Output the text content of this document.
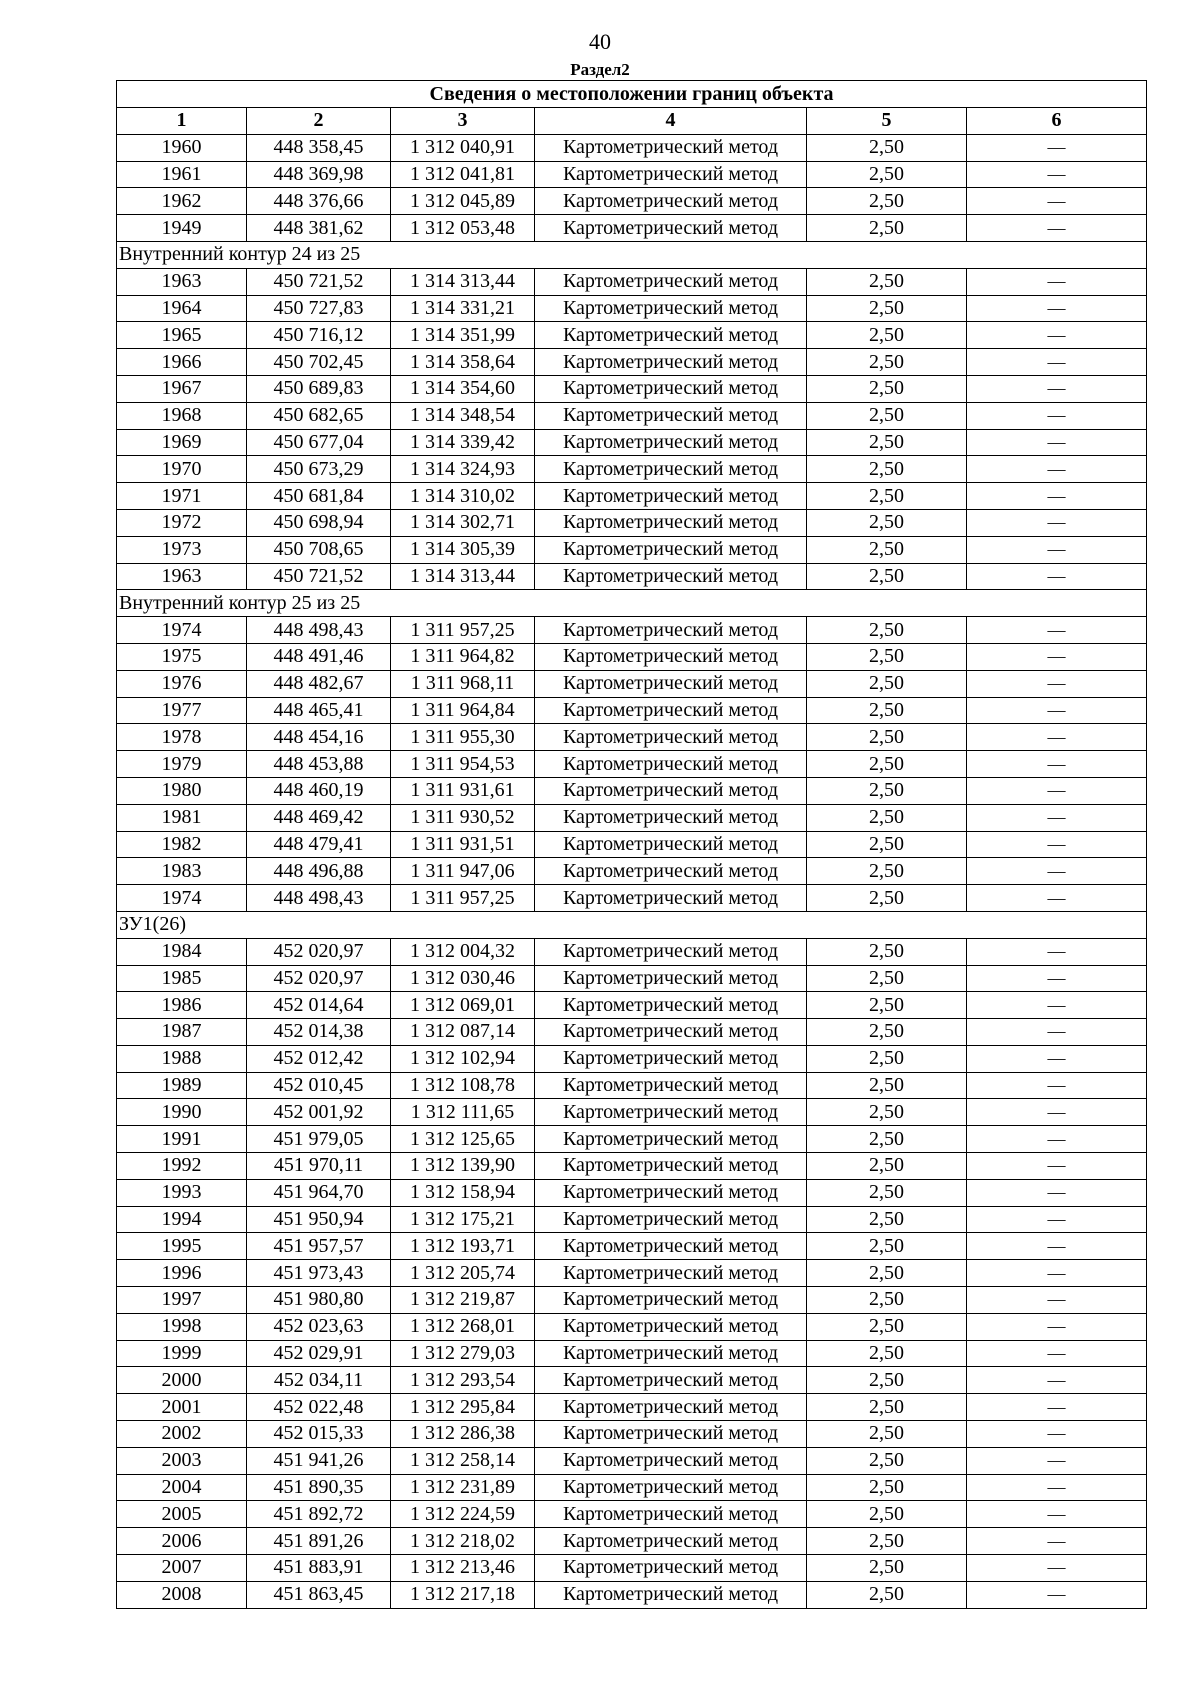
40
Раздел2
Сведения о местоположении границ объекта					
1	2	3	4	5	6
1960	448 358,45	1 312 040,91	Картометрический метод	2,50	—
1961	448 369,98	1 312 041,81	Картометрический метод	2,50	—
1962	448 376,66	1 312 045,89	Картометрический метод	2,50	—
1949	448 381,62	1 312 053,48	Картометрический метод	2,50	—
Внутренний контур 24 из 25					
1963	450 721,52	1 314 313,44	Картометрический метод	2,50	—
1964	450 727,83	1 314 331,21	Картометрический метод	2,50	—
1965	450 716,12	1 314 351,99	Картометрический метод	2,50	—
1966	450 702,45	1 314 358,64	Картометрический метод	2,50	—
1967	450 689,83	1 314 354,60	Картометрический метод	2,50	—
1968	450 682,65	1 314 348,54	Картометрический метод	2,50	—
1969	450 677,04	1 314 339,42	Картометрический метод	2,50	—
1970	450 673,29	1 314 324,93	Картометрический метод	2,50	—
1971	450 681,84	1 314 310,02	Картометрический метод	2,50	—
1972	450 698,94	1 314 302,71	Картометрический метод	2,50	—
1973	450 708,65	1 314 305,39	Картометрический метод	2,50	—
1963	450 721,52	1 314 313,44	Картометрический метод	2,50	—
Внутренний контур 25 из 25					
1974	448 498,43	1 311 957,25	Картометрический метод	2,50	—
1975	448 491,46	1 311 964,82	Картометрический метод	2,50	—
1976	448 482,67	1 311 968,11	Картометрический метод	2,50	—
1977	448 465,41	1 311 964,84	Картометрический метод	2,50	—
1978	448 454,16	1 311 955,30	Картометрический метод	2,50	—
1979	448 453,88	1 311 954,53	Картометрический метод	2,50	—
1980	448 460,19	1 311 931,61	Картометрический метод	2,50	—
1981	448 469,42	1 311 930,52	Картометрический метод	2,50	—
1982	448 479,41	1 311 931,51	Картометрический метод	2,50	—
1983	448 496,88	1 311 947,06	Картометрический метод	2,50	—
1974	448 498,43	1 311 957,25	Картометрический метод	2,50	—
ЗУ1(26)					
1984	452 020,97	1 312 004,32	Картометрический метод	2,50	—
1985	452 020,97	1 312 030,46	Картометрический метод	2,50	—
1986	452 014,64	1 312 069,01	Картометрический метод	2,50	—
1987	452 014,38	1 312 087,14	Картометрический метод	2,50	—
1988	452 012,42	1 312 102,94	Картометрический метод	2,50	—
1989	452 010,45	1 312 108,78	Картометрический метод	2,50	—
1990	452 001,92	1 312 111,65	Картометрический метод	2,50	—
1991	451 979,05	1 312 125,65	Картометрический метод	2,50	—
1992	451 970,11	1 312 139,90	Картометрический метод	2,50	—
1993	451 964,70	1 312 158,94	Картометрический метод	2,50	—
1994	451 950,94	1 312 175,21	Картометрический метод	2,50	—
1995	451 957,57	1 312 193,71	Картометрический метод	2,50	—
1996	451 973,43	1 312 205,74	Картометрический метод	2,50	—
1997	451 980,80	1 312 219,87	Картометрический метод	2,50	—
1998	452 023,63	1 312 268,01	Картометрический метод	2,50	—
1999	452 029,91	1 312 279,03	Картометрический метод	2,50	—
2000	452 034,11	1 312 293,54	Картометрический метод	2,50	—
2001	452 022,48	1 312 295,84	Картометрический метод	2,50	—
2002	452 015,33	1 312 286,38	Картометрический метод	2,50	—
2003	451 941,26	1 312 258,14	Картометрический метод	2,50	—
2004	451 890,35	1 312 231,89	Картометрический метод	2,50	—
2005	451 892,72	1 312 224,59	Картометрический метод	2,50	—
2006	451 891,26	1 312 218,02	Картометрический метод	2,50	—
2007	451 883,91	1 312 213,46	Картометрический метод	2,50	—
2008	451 863,45	1 312 217,18	Картометрический метод	2,50	—
